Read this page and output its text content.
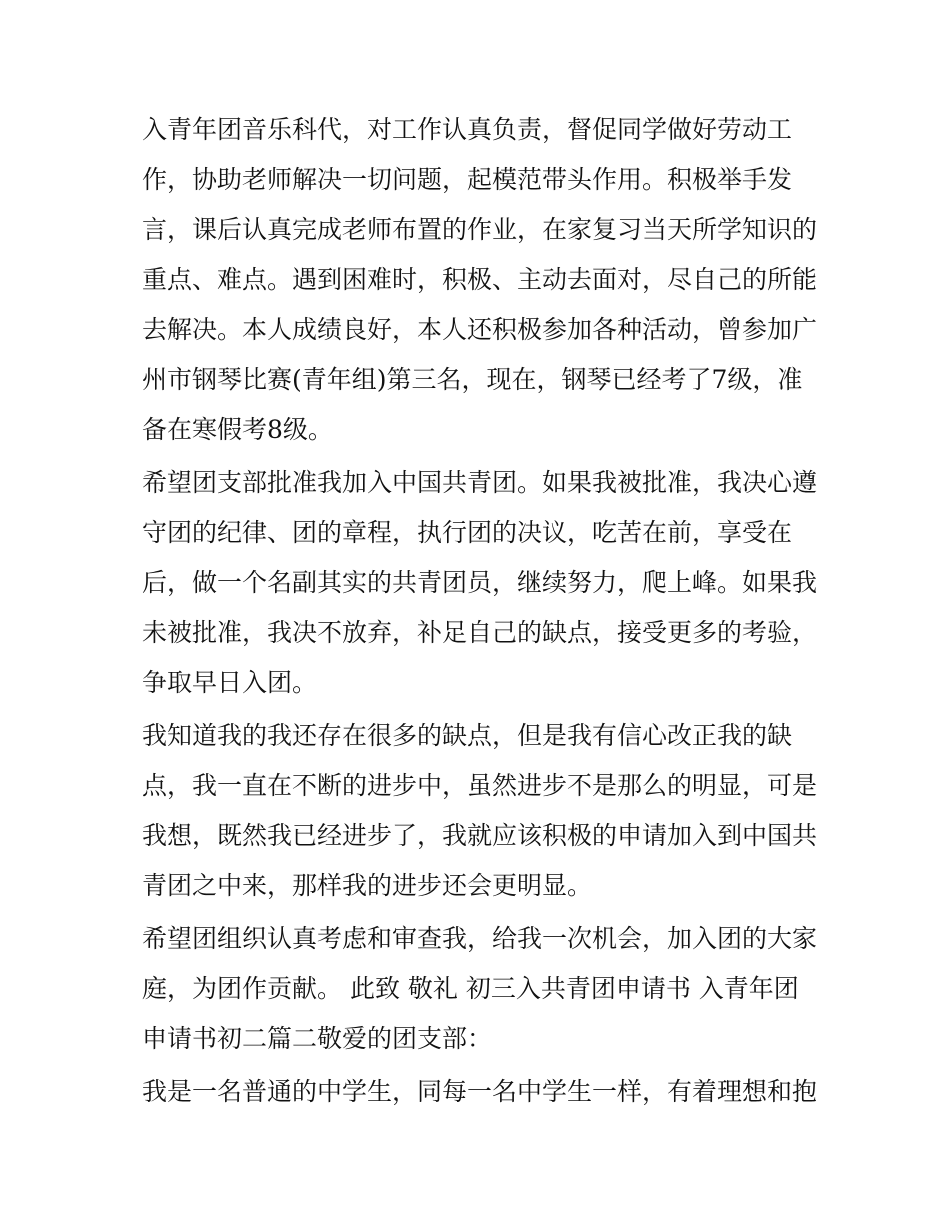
入青年团音乐科代，对工作认真负责，督促同学做好劳动工
作，协助老师解决一切问题，起模范带头作用。积极举手发
言，课后认真完成老师布置的作业，在家复习当天所学知识的
重点、难点。遇到困难时，积极、主动去面对，尽自己的所能
去解决。本人成绩良好，本人还积极参加各种活动，曾参加广
州市钢琴比赛(青年组)第三名，现在，钢琴已经考了7级，准
备在寒假考8级。
希望团支部批准我加入中国共青团。如果我被批准，我决心遵
守团的纪律、团的章程，执行团的决议，吃苦在前，享受在
后，做一个名副其实的共青团员，继续努力，爬上峰。如果我
未被批准，我决不放弃，补足自己的缺点，接受更多的考验，
争取早日入团。
我知道我的我还存在很多的缺点，但是我有信心改正我的缺
点，我一直在不断的进步中，虽然进步不是那么的明显，可是
我想，既然我已经进步了，我就应该积极的申请加入到中国共
青团之中来，那样我的进步还会更明显。
希望团组织认真考虑和审查我，给我一次机会，加入团的大家
庭，为团作贡献。 此致 敬礼 初三入共青团申请书 入青年团
申请书初二篇二敬爱的团支部：
我是一名普通的中学生，同每一名中学生一样，有着理想和抱
